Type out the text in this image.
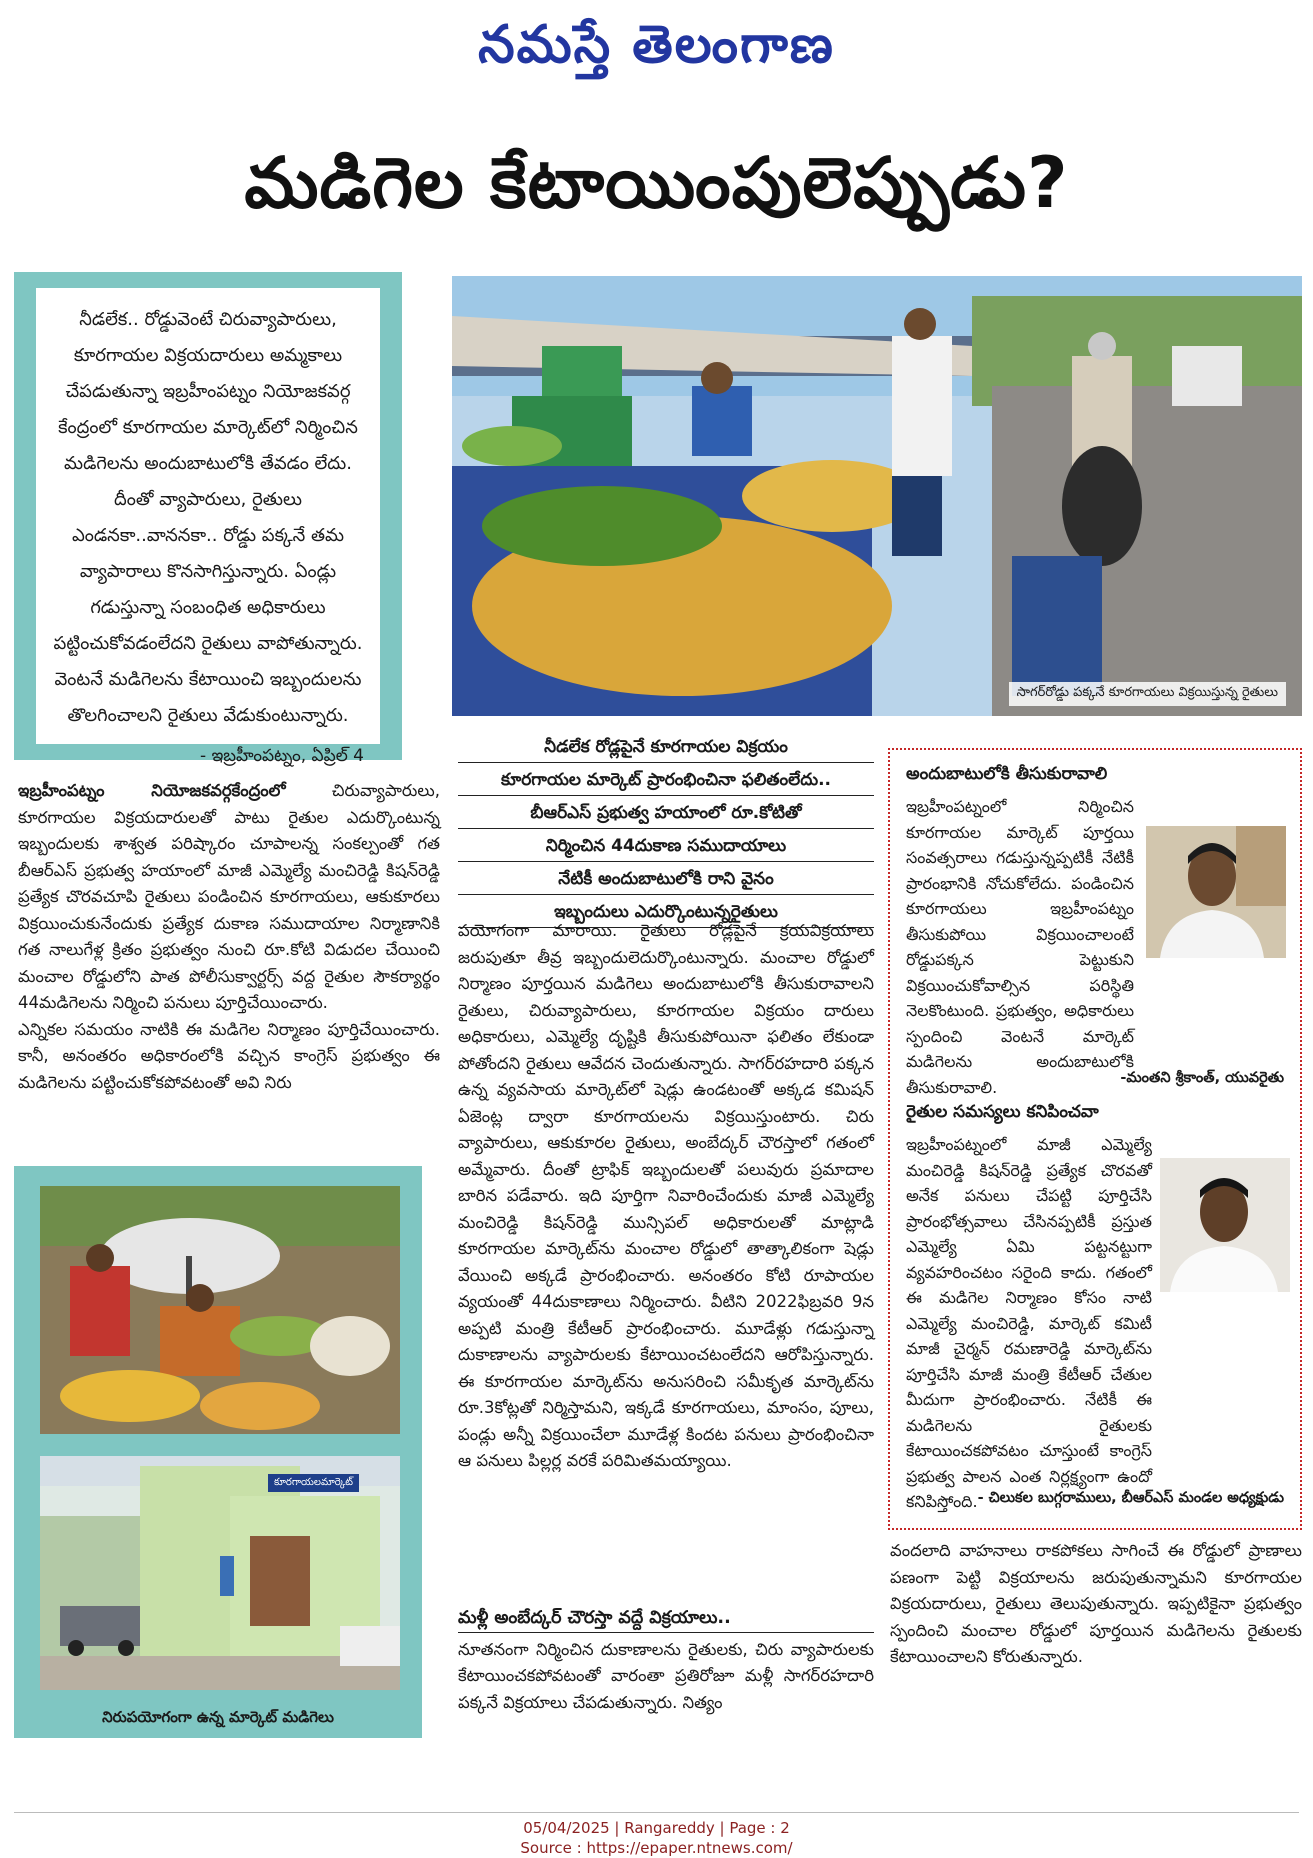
నమస్తే తెలంగాణ
మడిగెల కేటాయింపులెప్పుడు?

నీడలేక.. రోడ్డువెంటే చిరువ్యాపారులు, కూరగాయల విక్రయదారులు అమ్మకాలు చేపడుతున్నా ఇబ్రహీంపట్నం నియోజకవర్గ కేంద్రంలో కూరగాయల మార్కెట్‌లో నిర్మించిన మడిగెలను అందుబాటులోకి తేవడం లేదు. దీంతో వ్యాపారులు, రైతులు ఎండనకా..వాననకా.. రోడ్డు పక్కనే తమ వ్యాపారాలు కొనసాగిస్తున్నారు. ఏండ్లు గడుస్తున్నా సంబంధిత అధికారులు పట్టించుకోవడంలేదని రైతులు వాపోతున్నారు. వెంటనే మడిగెలను కేటాయించి ఇబ్బందులను తొలగించాలని రైతులు వేడుకుంటున్నారు.

- ఇబ్రహీంపట్నం, ఏప్రిల్ 4
సాగర్‌రోడ్డు పక్కనే కూరగాయలు విక్రయిస్తున్న రైతులు
నీడలేక రోడ్లపైనే కూరగాయల విక్రయం
కూరగాయల మార్కెట్ ప్రారంభించినా ఫలితంలేదు..
బీఆర్‌ఎస్ ప్రభుత్వ హయాంలో రూ.కోటితో
నిర్మించిన 44దుకాణ సముదాయాలు
నేటికీ అందుబాటులోకి రాని వైనం
ఇబ్బందులు ఎదుర్కొంటున్నరైతులు

ఇబ్రహీంపట్నం నియోజకవర్గకేంద్రంలో చిరువ్యాపారులు, కూరగాయల విక్రయదారులతో పాటు రైతుల ఎదుర్కొంటున్న ఇబ్బందులకు శాశ్వత పరిష్కారం చూపాలన్న సంకల్పంతో గత బీఆర్‌ఎస్ ప్రభుత్వ హయాంలో మాజీ ఎమ్మెల్యే మంచిరెడ్డి కిషన్‌రెడ్డి ప్రత్యేక చొరవచూపి రైతులు పండించిన కూరగాయలు, ఆకుకూరలు విక్రయించుకునేందుకు ప్రత్యేక దుకాణ సముదాయాల నిర్మాణానికి గత నాలుగేళ్ల క్రితం ప్రభుత్వం నుంచి రూ.కోటి విడుదల చేయించి మంచాల రోడ్డులోని పాత పోలీసుక్వార్టర్స్ వద్ద రైతుల సౌకర్యార్థం 44మడిగెలను నిర్మించి పనులు పూర్తిచేయించారు.

ఎన్నికల సమయం నాటికి ఈ మడిగెల నిర్మాణం పూర్తిచేయించారు. కానీ, అనంతరం అధికారంలోకి వచ్చిన కాంగ్రెస్ ప్రభుత్వం ఈ మడిగెలను పట్టించుకోకపోవటంతో అవి నిరు

పయోగంగా మారాయి. రైతులు రోడ్లపైనే క్రయవిక్రయాలు జరుపుతూ తీవ్ర ఇబ్బందులెదుర్కొంటున్నారు. మంచాల రోడ్డులో నిర్మాణం పూర్తయిన మడిగెలు అందుబాటులోకి తీసుకురావాలని రైతులు, చిరువ్యాపారులు, కూరగాయల విక్రయం దారులు అధికారులు, ఎమ్మెల్యే దృష్టికి తీసుకుపోయినా ఫలితం లేకుండా పోతోందని రైతులు ఆవేదన చెందుతున్నారు. సాగర్‌రహదారి పక్కన ఉన్న వ్యవసాయ మార్కెట్‌లో షెడ్లు ఉండటంతో అక్కడ కమిషన్ ఏజెంట్ల ద్వారా కూరగాయలను విక్రయిస్తుంటారు. చిరు వ్యాపారులు, ఆకుకూరల రైతులు, అంబేద్కర్ చౌరస్తాలో గతంలో అమ్మేవారు. దీంతో ట్రాఫిక్ ఇబ్బందులతో పలువురు ప్రమాదాల బారిన పడేవారు. ఇది పూర్తిగా నివారించేందుకు మాజీ ఎమ్మెల్యే మంచిరెడ్డి కిషన్‌రెడ్డి మున్సిపల్ అధికారులతో మాట్లాడి కూరగాయల మార్కెట్‌ను మంచాల రోడ్డులో తాత్కాలికంగా షెడ్లు వేయించి అక్కడే ప్రారంభించారు. అనంతరం కోటి రూపాయల వ్యయంతో 44దుకాణాలు నిర్మించారు. వీటిని 2022ఫిబ్రవరి 9న అప్పటి మంత్రి కేటీఆర్ ప్రారంభించారు. మూడేళ్లు గడుస్తున్నా దుకాణాలను వ్యాపారులకు కేటాయించటంలేదని ఆరోపిస్తున్నారు. ఈ కూరగాయల మార్కెట్‌ను అనుసరించి సమీకృత మార్కెట్‌ను రూ.3కోట్లతో నిర్మిస్తామని, ఇక్కడే కూరగాయలు, మాంసం, పూలు, పండ్లు అన్నీ విక్రయించేలా మూడేళ్ల కిందట పనులు ప్రారంభించినా ఆ పనులు పిల్లర్ల వరకే పరిమితమయ్యాయి.

మళ్లీ అంబేద్కర్ చౌరస్తా వద్దే విక్రయాలు..

నూతనంగా నిర్మించిన దుకాణాలను రైతులకు, చిరు వ్యాపారులకు కేటాయించకపోవటంతో వారంతా ప్రతిరోజూ మళ్లీ సాగర్‌రహదారి పక్కనే విక్రయాలు చేపడుతున్నారు. నిత్యం

అందుబాటులోకి తీసుకురావాలి
ఇబ్రహీంపట్నంలో నిర్మించిన కూరగాయల మార్కెట్ పూర్తయి సంవత్సరాలు గడుస్తున్నప్పటికీ నేటికీ ప్రారంభానికి నోచుకోలేదు. పండించిన కూరగాయలు ఇబ్రహీంపట్నం తీసుకుపోయి విక్రయించాలంటే రోడ్డుపక్కన పెట్టుకుని విక్రయించుకోవాల్సిన పరిస్థితి నెలకొంటుంది. ప్రభుత్వం, అధికారులు స్పందించి వెంటనే మార్కెట్ మడిగెలను అందుబాటులోకి తీసుకురావాలి.	-మంతని శ్రీకాంత్, యువరైతు
రైతుల సమస్యలు కనిపించవా
ఇబ్రహీంపట్నంలో మాజీ ఎమ్మెల్యే మంచిరెడ్డి కిషన్‌రెడ్డి ప్రత్యేక చొరవతో అనేక పనులు చేపట్టి పూర్తిచేసి ప్రారంభోత్సవాలు చేసినప్పటికీ ప్రస్తుత ఎమ్మెల్యే ఏమి పట్టనట్టుగా వ్యవహరించటం సరైంది కాదు. గతంలో ఈ మడిగెల నిర్మాణం కోసం నాటి ఎమ్మెల్యే మంచిరెడ్డి, మార్కెట్ కమిటీ మాజీ చైర్మన్ రమణారెడ్డి మార్కెట్‌ను పూర్తిచేసి మాజీ మంత్రి కేటీఆర్ చేతుల మీదుగా ప్రారంభించారు. నేటికీ ఈ మడిగెలను రైతులకు కేటాయించకపోవటం చూస్తుంటే కాంగ్రెస్ ప్రభుత్వ పాలన ఎంత నిర్లక్ష్యంగా ఉందో కనిపిస్తోంది. - చిలుకల బుగ్గరాములు, బీఆర్‌ఎస్ మండల అధ్యక్షుడు

వందలాది వాహనాలు రాకపోకలు సాగించే ఈ రోడ్డులో ప్రాణాలు పణంగా పెట్టి విక్రయాలను జరుపుతున్నామని కూరగాయల విక్రయదారులు, రైతులు తెలుపుతున్నారు. ఇప్పటికైనా ప్రభుత్వం స్పందించి మంచాల రోడ్డులో పూర్తయిన మడిగెలను రైతులకు కేటాయించాలని కోరుతున్నారు.

కూరగాయలమార్కెట్
నిరుపయోగంగా ఉన్న మార్కెట్ మడిగెలు
05/04/2025 | Rangareddy | Page : 2
Source : https://epaper.ntnews.com/
